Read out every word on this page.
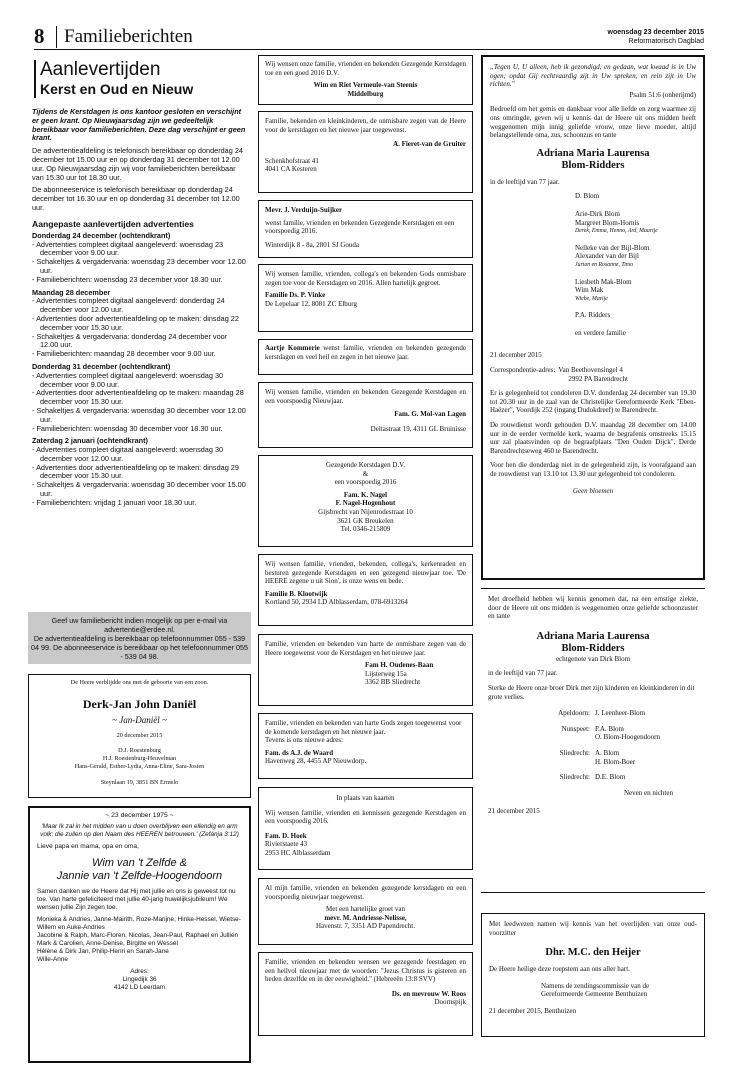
8 Familieberichten	woensdag 23 december 2015
Reformatorisch Dagblad
Aanlevertijden
Kerst en Oud en Nieuw

Tijdens de Kerstdagen is ons kantoor gesloten en verschijnt er geen krant. Op Nieuwjaarsdag zijn we gedeeltelijk bereikbaar voor familieberichten. Deze dag verschijnt er geen krant.

De advertentieafdeling is telefonisch bereikbaar op donderdag 24 december tot 15.00 uur en op donderdag 31 december tot 12.00 uur. Op Nieuwjaarsdag zijn wij voor familieberichten bereikbaar van 15.30 uur tot 18.30 uur.

De abonneeservice is telefonisch bereikbaar op donderdag 24 december tot 16.30 uur en op donderdag 31 december tot 12.00 uur.

Aangepaste aanlevertijden advertenties

Donderdag 24 december (ochtendkrant)

- Advertenties compleet digitaal aangeleverd: woensdag 23 december voor 9.00 uur.
- Schakeltjes & vergadervaria: woensdag 23 december voor 12.00 uur.
- Familieberichten: woensdag 23 december voor 18.30 uur.

Maandag 28 december

- Advertenties compleet digitaal aangeleverd: donderdag 24 december voor 12.00 uur.
- Advertenties door advertentieafdeling op te maken: dinsdag 22 december voor 15.30 uur.
- Schakeltjes & vergadervaria: donderdag 24 december voor 12.00 uur.
- Familieberichten: maandag 28 december voor 9.00 uur.

Donderdag 31 december (ochtendkrant)

- Advertenties compleet digitaal aangeleverd: woensdag 30 december voor 9.00 uur.
- Advertenties door advertentieafdeling op te maken: maandag 28 december voor 15.30 uur.
- Schakeltjes & vergadervaria: woensdag 30 december voor 12.00 uur.
- Familieberichten: woensdag 30 december voor 18.30 uur.

Zaterdag 2 januari (ochtendkrant)

- Advertenties compleet digitaal aangeleverd: woensdag 30 december voor 12.00 uur.
- Advertenties door advertentieafdeling op te maken: dinsdag 29 december voor 15.30 uur.
- Schakeltjes & vergadervaria: woensdag 30 december voor 15.00 uur.
- Familieberichten: vrijdag 1 januari voor 18.30 uur.

Geef uw familiebericht indien mogelijk op per e-mail via advertentie@erdee.nl.

De advertentieafdeling is bereikbaar op telefoonnummer 055 - 539 04 99. De abonneeservice is bereikbaar op het telefoonnummer 055 - 539 04 98.

De Heere verblijdde ons met de geboorte van een zoon.

Derk-Jan John Daniël

~ Jan-Daniël ~

20 december 2015

D.J. Roestenburg

H.J. Roestenburg-Heuvelman

Hans-Gerald, Esther-Lydia, Anna-Eline, Sara-Josien

Steynlaan 19, 3851 BN Ermelo

~ 23 december 1975 ~

'Maar Ik zal in het midden van u doen overblijven een ellendig en arm volk; die zullen op den Naam des HEEREN betrouwen.' (Zefánja 3:12)

Lieve papa en mama, opa en oma,

Wim van 't Zelfde &

Jannie van 't Zelfde-Hoogendoorn

Samen danken we de Heere dat Hij met jullie en ons is geweest tot nu toe. Van harte gefeliciteerd met jullie 40-jarig huwelijksjubileum! We wensen jullie Zijn zegen toe.

Monieka & Andries, Janne-Mairith, Roze-Marijne, Hinke-Hessel, Wietse-Willem en Auke-Andries

Jacobine & Ralph, Marc-Floren, Nicolas, Jean-Paul, Raphael en Jullién

Mark & Carolien, Anne-Denise, Birgitte en Wessel

Hélène & Dirk Jan, Philip-Henri en Sarah-Jane

Wille-Anne

Adres:

Lingedijk 36

4142 LD Leerdam

Wij wensen onze familie, vrienden en bekenden Gezegende Kerstdagen toe en een goed 2016 D.V.

Wim en Riet Vermeule-van Steenis

Middelburg

Familie, bekenden en kleinkinderen, de onmisbare zegen van de Heere voor de kerstdagen en het nieuwe jaar toegewenst.

A. Fieret-van de Gruiter

Schenkhofstraat 41

4041 CA Kesteren

Mevr. J. Verduijn-Suijker

wenst familie, vrienden en bekenden Gezegende Kerstdagen en een voorspoedig 2016.

Winterdijk 8 - 8a, 2801 SJ Gouda

Wij wensen familie, vrienden, collega's en bekenden Gods onmisbare zegen toe voor de Kerstdagen en 2016. Allen hartelijk gegroet.

Familie Ds. P. Vinke

De Lepelaar 12, 8081 ZC Elburg

Aartje Kommerie wenst familie, vrienden en bekenden gezegende kerstdagen en veel heil en zegen in het nieuwe jaar.

Wij wensen familie, vrienden en bekenden Gezegende Kerstdagen en een voorspoedig Nieuwjaar.

Fam. G. Mol-van Lagen

Deltastraat 19, 4311 GL Bruinisse

Gezegende Kerstdagen D.V.

&

een voorspoedig 2016

Fam. K. Nagel

F. Nagel-Hogenhout

Gijsbrecht van Nijenrodestraat 10

3621 GK Breukelen

Tel. 0346-215809

Wij wensen familie, vrienden, bekenden, collega's, kerkenraden en besturen gezegende Kerstdagen en een gezegend nieuwjaar toe. 'De HEERE zegene u uit Sion', is onze wens en bede.

Familie B. Klootwijk

Kortland 50, 2934 LD Alblasserdam, 078-6913264

Familie, vrienden en bekenden van harte de onmisbare zegen van de Heere toegewenst voor de Kerstdagen en het nieuwe jaar.

Fam H. Oudenes-Baan

Lijsterweg 15a

3362 BB Sliedrecht

Familie, vrienden en bekenden van harte Gods zegen toegewenst voor de komende kerstdagen en het nieuwe jaar.

Tevens is ons nieuwe adres:

Fam. ds A.J. de Waard

Havenweg 28, 4455 AP Nieuwdorp.

In plaats van kaarten

Wij wensen familie, vrienden en kennissen gezegende Kerstdagen en een voorspoedig 2016.

Fam. D. Hoek

Rivierstaete 43

2953 HC Alblasserdam

Al mijn familie, vrienden en bekenden gezegende kerstdagen en een voorspoedig nieuwjaar toegewenst.

Met een hartelijke groet van

mevr. M. Andriesse-Nelisse,

Havenstr. 7, 3351 AD Papendrecht.

Familie, vrienden en bekenden wensen we gezegende feestdagen en een heilvol nieuwjaar met de woorden: "Jezus Christus is gisteren en heden dezelfde en in der eeuwigheid." (Hebreeën 13:8 SVV)

Ds. en mevrouw W. Roos

Doornspijk

„Tegen U, U alleen, heb ik gezondigd, en gedaan, wat kwaad is in Uw ogen; opdat Gij rechtvaardig zijt in Uw spreken, en rein zijt in Uw richten."

Psalm 51:6 (onberijmd)

Bedroefd om het gemis en dankbaar voor alle liefde en zorg waarmee zij ons omringde, geven wij u kennis dat de Heere uit ons midden heeft weggenomen mijn innig geliefde vrouw, onze lieve moeder, altijd belangstellende oma, zus, schoonzus en tante

Adriana Maria Laurensa

Blom-Ridders

in de leeftijd van 77 jaar.

D. Blom

Arie-Dirk Blom

Margreet Blom-Hornis

Derek, Emma, Henno, Ard, Maartje

Nelleke van der Bijl-Blom

Alexander van der Bijl

Jurian en Rosanne, Timo

Liesbeth Mak-Blom

Wim Mak

Wiebe, Marije

P.A. Ridders

en verdere familie

21 december 2015

Correspondentie-adres: Van Beethovensingel 4

2992 PA Barendrecht

Er is gelegenheid tot condoleren D.V. donderdag 24 december van 19.30 tot 20.30 uur in de zaal van de Christelijke Gereformeerde Kerk "Eben-Haëzer", Voordijk 252 (ingang Dudokdreef) te Barendrecht.

De rouwdienst wordt gehouden D.V. maandag 28 december om 14.00 uur in de eerder vermelde kerk, waarna de begrafenis omstreeks 15.15 uur zal plaatsvinden op de begraafplaats "Den Ouden Dijck", Derde Barendrechtseweg 460 te Barendrecht.

Voor hen die donderdag niet in de gelegenheid zijn, is voorafgaand aan de rouwdienst van 13.10 tot 13.30 uur gelegenheid tot condoleren.

Geen bloemen

Met droefheid hebben wij kennis genomen dat, na een ernstige ziekte, door de Heere uit ons midden is weggenomen onze geliefde schoonzuster en tante

Adriana Maria Laurensa

Blom-Ridders

echtgenote van Dirk Blom

in de leeftijd van 77 jaar.

Sterke de Heere onze broer Dirk met zijn kinderen en kleinkinderen in dit grote verlies.

Apeldoorn: J. Leenheer-Blom

Nunspeet: P.A. Blom

O. Blom-Hoogendoorn

Sliedrecht: A. Blom

H. Blom-Boer

Sliedrecht: D.E. Blom

Neven en nichten

21 december 2015

Met leedwezen namen wij kennis van het overlijden van onze oud-voorzitter

Dhr. M.C. den Heijer

De Heere heilige deze roepstem aan ons aller hart.

Namens de zendingscommissie van de

Gereformeerde Gemeente Benthuizen

21 december 2015, Benthuizen
